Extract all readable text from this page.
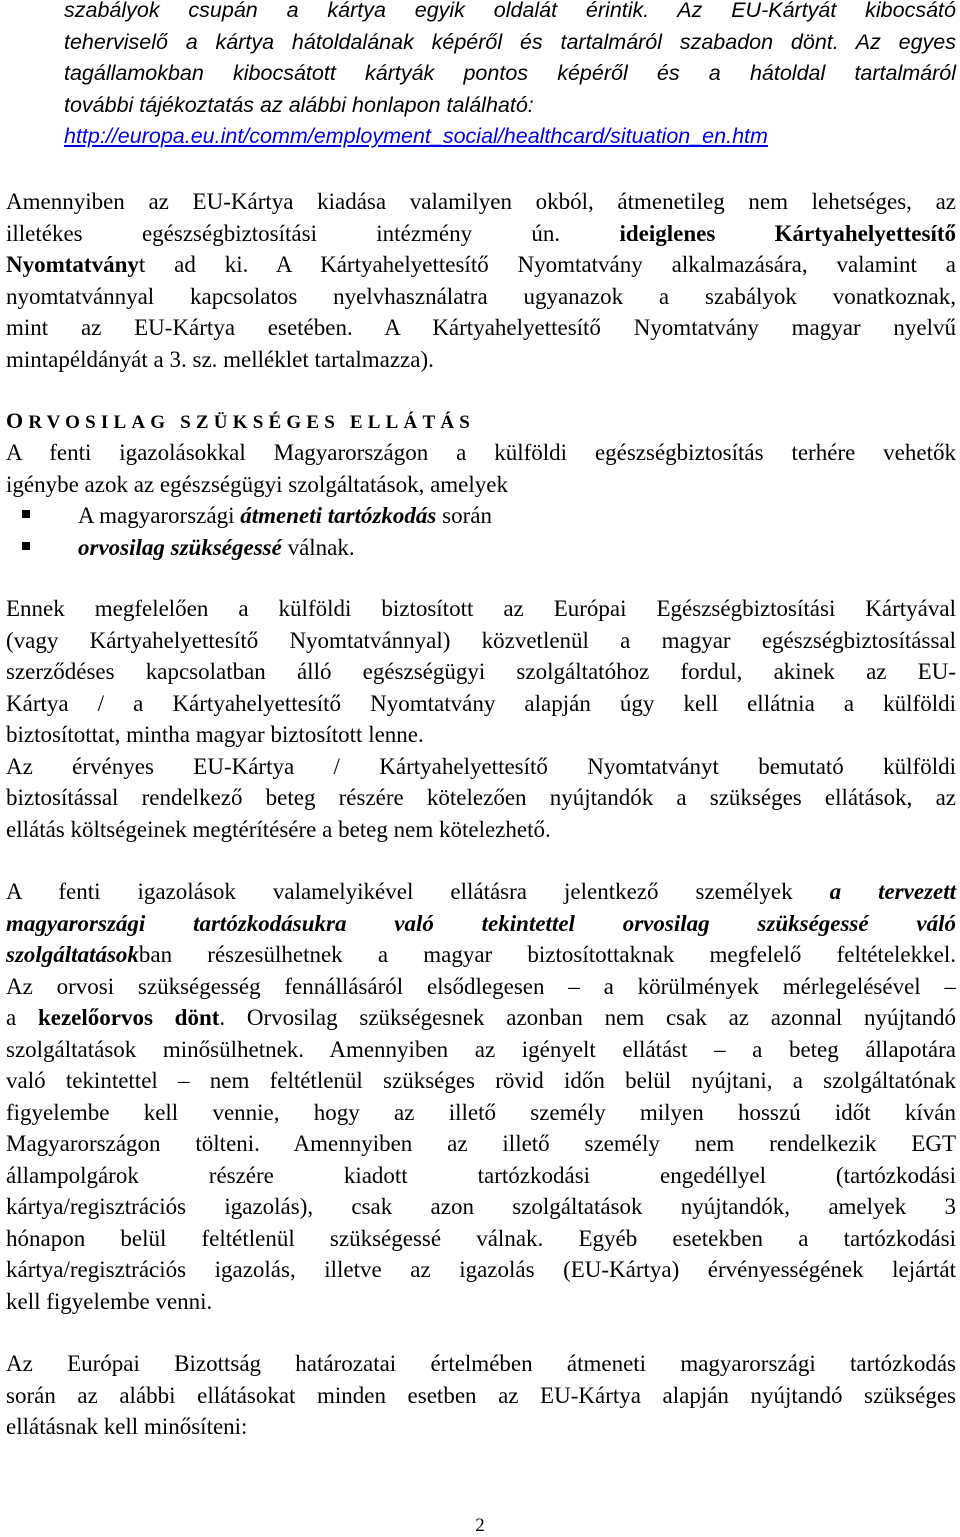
szabályok csupán a kártya egyik oldalát érintik. Az EU-Kártyát kibocsátó
teherviselő a kártya hátoldalának képéről és tartalmáról szabadon dönt. Az egyes
tagállamokban kibocsátott kártyák pontos képéről és a hátoldal tartalmáról
további tájékoztatás az alábbi honlapon található:
http://europa.eu.int/comm/employment_social/healthcard/situation_en.htm
Amennyiben az EU-Kártya kiadása valamilyen okból, átmenetileg nem lehetséges, az
illetékes egészségbiztosítási intézmény ún. ideiglenes Kártyahelyettesítő
Nyomtatványt ad ki. A Kártyahelyettesítő Nyomtatvány alkalmazására, valamint a
nyomtatvánnyal kapcsolatos nyelvhasználatra ugyanazok a szabályok vonatkoznak,
mint az EU-Kártya esetében. A Kártyahelyettesítő Nyomtatvány magyar nyelvű
mintapéldányát a 3. sz. melléklet tartalmazza).
ORVOSILAG SZÜKSÉGES ELLÁTÁS
A fenti igazolásokkal Magyarországon a külföldi egészségbiztosítás terhére vehetők
igénybe azok az egészségügyi szolgáltatások, amelyek
A magyarországi átmeneti tartózkodás során
orvosilag szükségessé válnak.
Ennek megfelelően a külföldi biztosított az Európai Egészségbiztosítási Kártyával
(vagy Kártyahelyettesítő Nyomtatvánnyal) közvetlenül a magyar egészségbiztosítással
szerződéses kapcsolatban álló egészségügyi szolgáltatóhoz fordul, akinek az EU-
Kártya / a Kártyahelyettesítő Nyomtatvány alapján úgy kell ellátnia a külföldi
biztosítottat, mintha magyar biztosított lenne.
Az érvényes EU-Kártya / Kártyahelyettesítő Nyomtatványt bemutató külföldi
biztosítással rendelkező beteg részére kötelezően nyújtandók a szükséges ellátások, az
ellátás költségeinek megtérítésére a beteg nem kötelezhető.
A fenti igazolások valamelyikével ellátásra jelentkező személyek a tervezett
magyarországi tartózkodásukra való tekintettel orvosilag szükségessé váló
szolgáltatásokban részesülhetnek a magyar biztosítottaknak megfelelő feltételekkel.
Az orvosi szükségesség fennállásáról elsődlegesen – a körülmények mérlegelésével –
a kezelőorvos dönt. Orvosilag szükségesnek azonban nem csak az azonnal nyújtandó
szolgáltatások minősülhetnek. Amennyiben az igényelt ellátást – a beteg állapotára
való tekintettel – nem feltétlenül szükséges rövid időn belül nyújtani, a szolgáltatónak
figyelembe kell vennie, hogy az illető személy milyen hosszú időt kíván
Magyarországon tölteni. Amennyiben az illető személy nem rendelkezik EGT
állampolgárok részére kiadott tartózkodási engedéllyel (tartózkodási
kártya/regisztrációs igazolás), csak azon szolgáltatások nyújtandók, amelyek 3
hónapon belül feltétlenül szükségessé válnak. Egyéb esetekben a tartózkodási
kártya/regisztrációs igazolás, illetve az igazolás (EU-Kártya) érvényességének lejártát
kell figyelembe venni.
Az Európai Bizottság határozatai értelmében átmeneti magyarországi tartózkodás
során az alábbi ellátásokat minden esetben az EU-Kártya alapján nyújtandó szükséges
ellátásnak kell minősíteni:
2
